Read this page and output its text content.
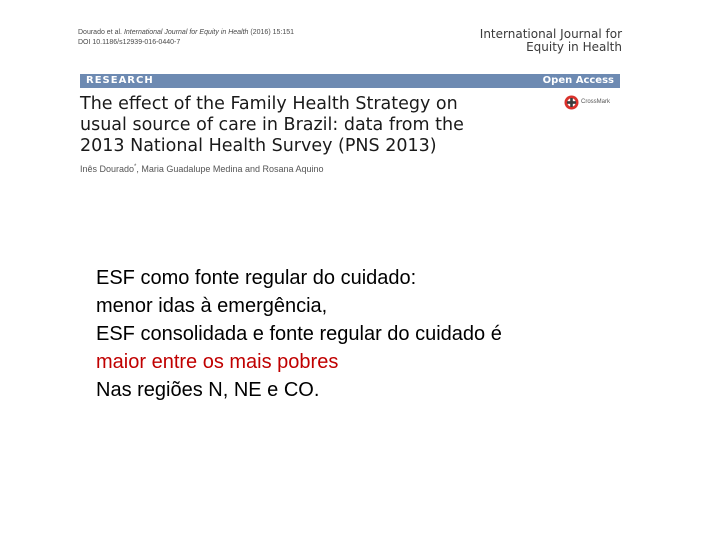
Dourado et al. International Journal for Equity in Health (2016) 15:151
DOI 10.1186/s12939-016-0440-7
International Journal for
Equity in Health
RESEARCH	Open Access
The effect of the Family Health Strategy on
usual source of care in Brazil: data from the
2013 National Health Survey (PNS 2013)
CrossMark
Inês Dourado*, Maria Guadalupe Medina and Rosana Aquino
ESF como fonte regular do cuidado:
menor idas à emergência,
ESF consolidada e fonte regular do cuidado é
maior entre os mais pobres
Nas regiões N, NE e CO.
